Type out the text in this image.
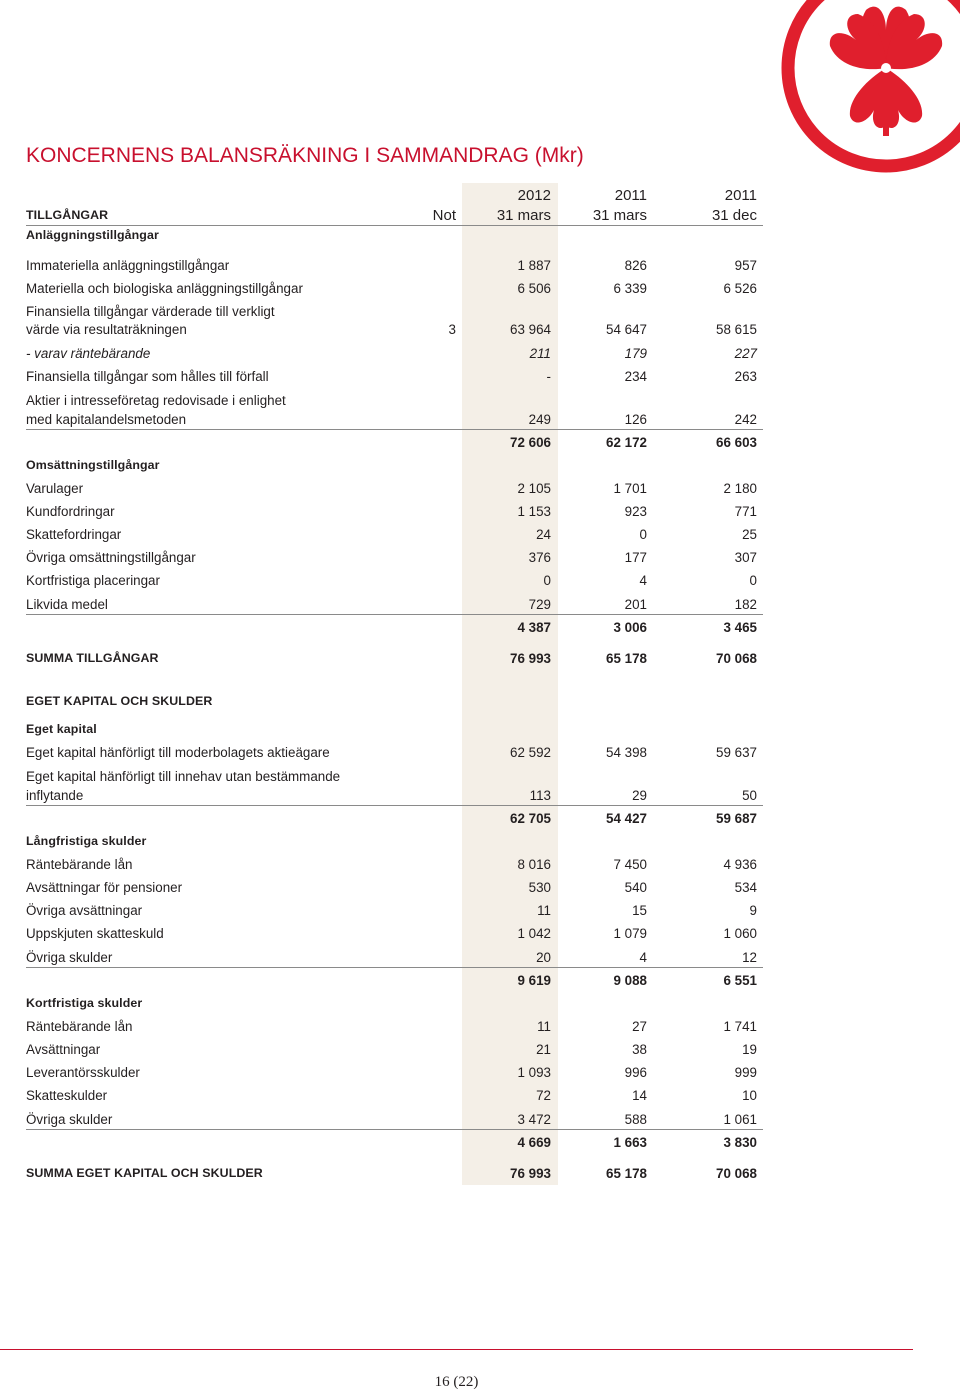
KONCERNENS BALANSRÄKNING I SAMMANDRAG (Mkr)
2012	2011	2011
TILLGÅNGAR	Not	31 mars	31 mars	31 dec
Anläggningstillgångar
Immateriella anläggningstillgångar	1 887	826	957
Materiella och biologiska anläggningstillgångar	6 506	6 339	6 526
Finansiella tillgångar värderade till verkligt
värde via resultaträkningen	3	63 964	54 647	58 615
- varav räntebärande	211	179	227
Finansiella tillgångar som hålles till förfall	-	234	263
Aktier i intresseföretag redovisade i enlighet
med kapitalandelsmetoden	249	126	242
72 606	62 172	66 603
Omsättningstillgångar
Varulager	2 105	1 701	2 180
Kundfordringar	1 153	923	771
Skattefordringar	24	0	25
Övriga omsättningstillgångar	376	177	307
Kortfristiga placeringar	0	4	0
Likvida medel	729	201	182
4 387	3 006	3 465
SUMMA TILLGÅNGAR	76 993	65 178	70 068
EGET KAPITAL OCH SKULDER
Eget kapital
Eget kapital hänförligt till moderbolagets aktieägare	62 592	54 398	59 637
Eget kapital hänförligt till innehav utan bestämmande
inflytande	113	29	50
62 705	54 427	59 687
Långfristiga skulder
Räntebärande lån	8 016	7 450	4 936
Avsättningar för pensioner	530	540	534
Övriga avsättningar	11	15	9
Uppskjuten skatteskuld	1 042	1 079	1 060
Övriga skulder	20	4	12
9 619	9 088	6 551
Kortfristiga skulder
Räntebärande lån	11	27	1 741
Avsättningar	21	38	19
Leverantörsskulder	1 093	996	999
Skatteskulder	72	14	10
Övriga skulder	3 472	588	1 061
4 669	1 663	3 830
SUMMA EGET KAPITAL OCH SKULDER	76 993	65 178	70 068
16 (22)
